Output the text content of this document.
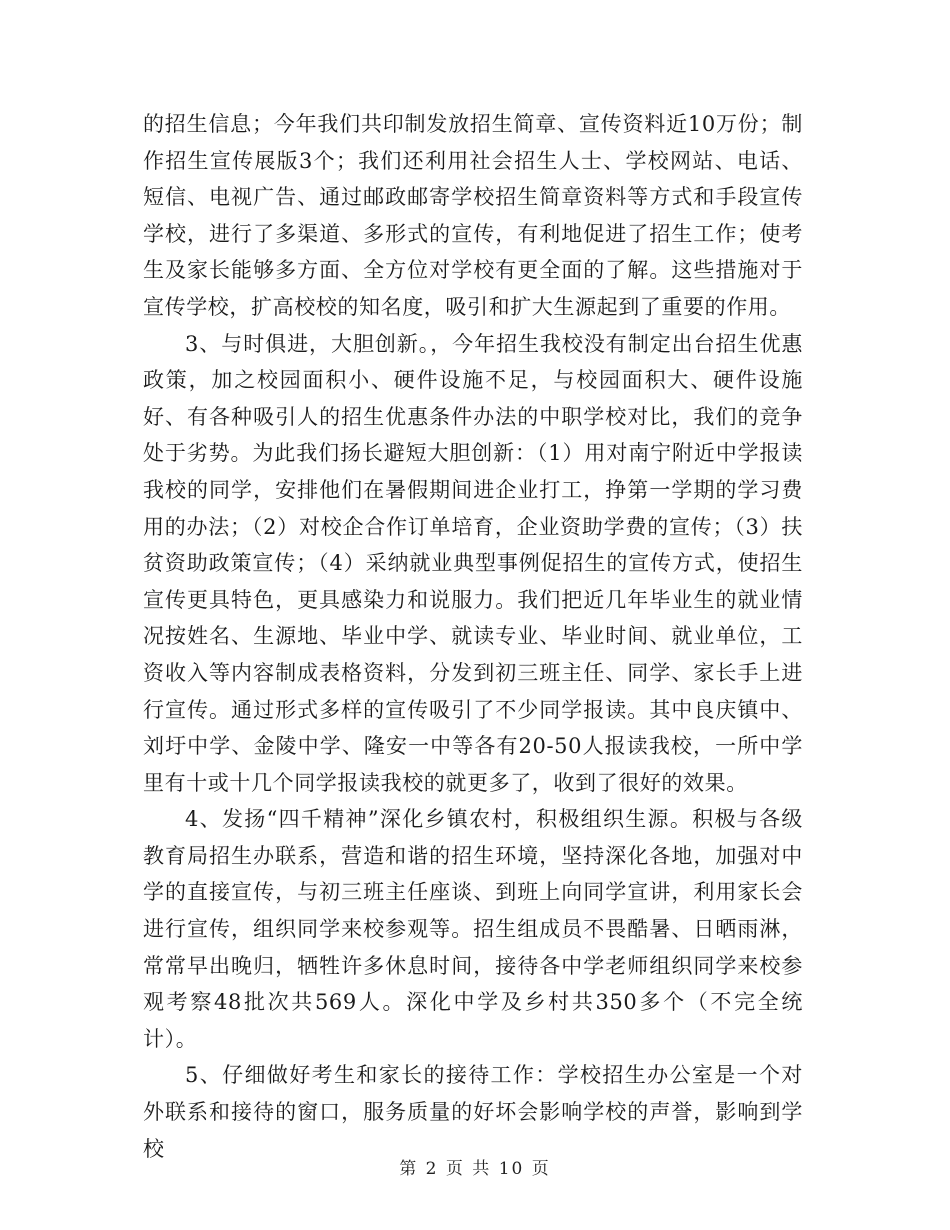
的招生信息；今年我们共印制发放招生简章、宣传资料近10万份；制作招生宣传展版3个；我们还利用社会招生人士、学校网站、电话、短信、电视广告、通过邮政邮寄学校招生简章资料等方式和手段宣传学校，进行了多渠道、多形式的宣传，有利地促进了招生工作；使考生及家长能够多方面、全方位对学校有更全面的了解。这些措施对于宣传学校，扩高校校的知名度，吸引和扩大生源起到了重要的作用。

3、与时俱进，大胆创新。，今年招生我校没有制定出台招生优惠政策，加之校园面积小、硬件设施不足，与校园面积大、硬件设施好、有各种吸引人的招生优惠条件办法的中职学校对比，我们的竞争处于劣势。为此我们扬长避短大胆创新：（1）用对南宁附近中学报读我校的同学，安排他们在暑假期间进企业打工，挣第一学期的学习费用的办法；（2）对校企合作订单培育，企业资助学费的宣传；（3）扶贫资助政策宣传；（4）采纳就业典型事例促招生的宣传方式，使招生宣传更具特色，更具感染力和说服力。我们把近几年毕业生的就业情况按姓名、生源地、毕业中学、就读专业、毕业时间、就业单位，工资收入等内容制成表格资料，分发到初三班主任、同学、家长手上进行宣传。通过形式多样的宣传吸引了不少同学报读。其中良庆镇中、刘圩中学、金陵中学、隆安一中等各有20-50人报读我校，一所中学里有十或十几个同学报读我校的就更多了，收到了很好的效果。

4、发扬“四千精神”深化乡镇农村，积极组织生源。积极与各级教育局招生办联系，营造和谐的招生环境，坚持深化各地，加强对中学的直接宣传，与初三班主任座谈、到班上向同学宣讲，利用家长会进行宣传，组织同学来校参观等。招生组成员不畏酷暑、日晒雨淋，常常早出晚归，牺牲许多休息时间，接待各中学老师组织同学来校参观考察48批次共569人。深化中学及乡村共350多个（不完全统计）。

5、仔细做好考生和家长的接待工作：学校招生办公室是一个对外联系和接待的窗口，服务质量的好坏会影响学校的声誉，影响到学校

第 2 页 共 10 页
